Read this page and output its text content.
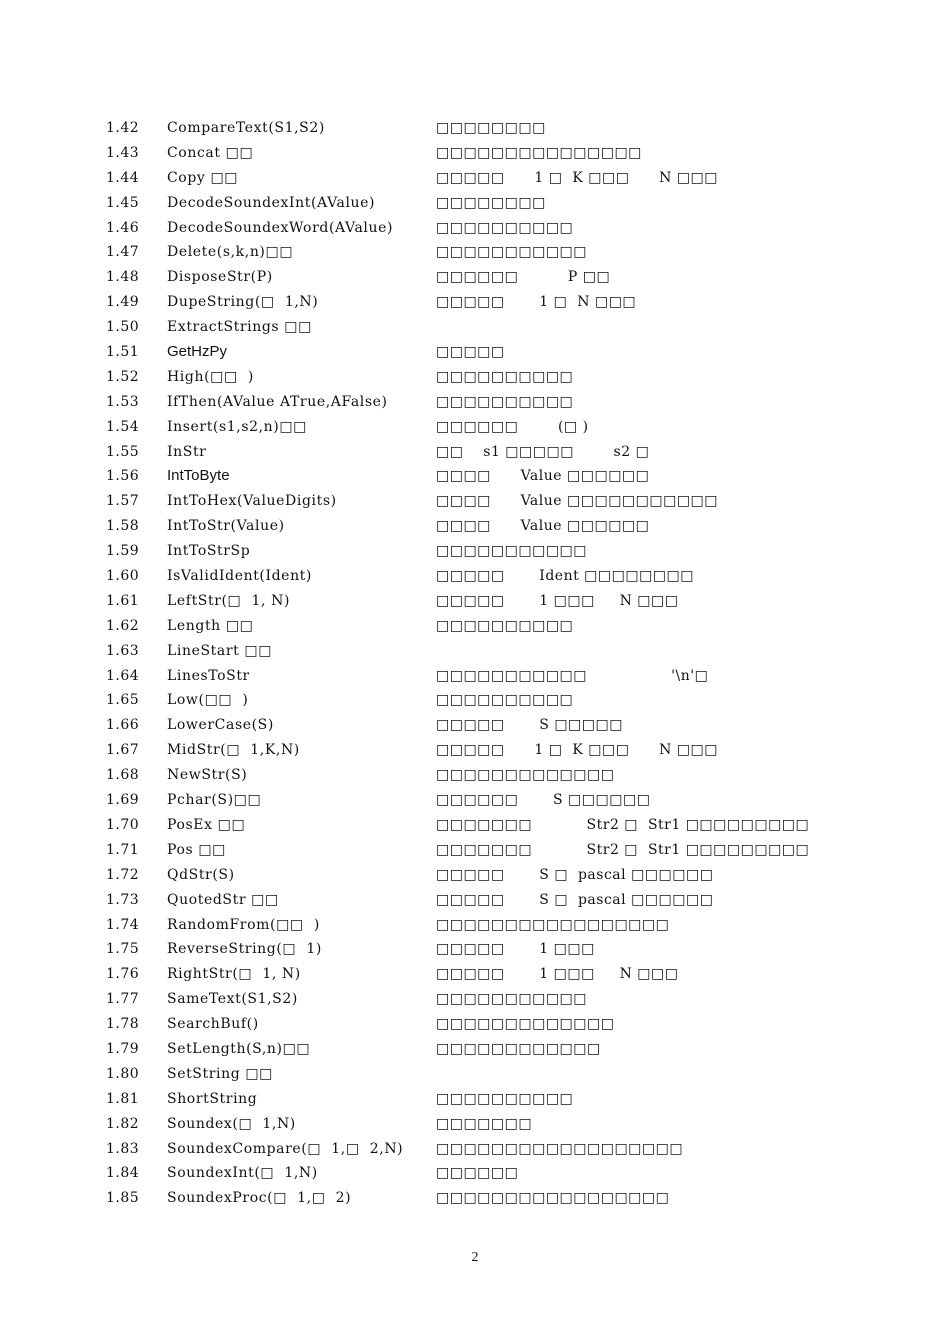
1.42 CompareText(S1,S2)	□□□□□□□□
1.43 Concat □□	□□□□□□□□□□□□□□□
1.44 Copy □□	□□□□□      1 □  K □□□      N □□□
1.45 DecodeSoundexInt(AValue)	□□□□□□□□
1.46 DecodeSoundexWord(AValue)	□□□□□□□□□□
1.47 Delete(s,k,n)□□	□□□□□□□□□□□
1.48 DisposeStr(P)	□□□□□□          P □□
1.49 DupeString(□  1,N)	□□□□□       1 □  N □□□
1.50 ExtractStrings □□
1.51 GetHzPy	□□□□□
1.52 High(□□  )	□□□□□□□□□□
1.53 IfThen(AValue ATrue,AFalse)	□□□□□□□□□□
1.54 Insert(s1,s2,n)□□	□□□□□□        (□ )
1.55 InStr	□□    s1 □□□□□        s2 □
1.56 IntToByte	□□□□      Value □□□□□□
1.57 IntToHex(ValueDigits)	□□□□      Value □□□□□□□□□□□
1.58 IntToStr(Value)	□□□□      Value □□□□□□
1.59 IntToStrSp	□□□□□□□□□□□
1.60 IsValidIdent(Ident)	□□□□□       Ident □□□□□□□□
1.61 LeftStr(□  1, N)	□□□□□       1 □□□     N □□□
1.62 Length □□	□□□□□□□□□□
1.63 LineStart □□
1.64 LinesToStr	□□□□□□□□□□□                 '\n'□
1.65 Low(□□  )	□□□□□□□□□□
1.66 LowerCase(S)	□□□□□       S □□□□□
1.67 MidStr(□  1,K,N)	□□□□□      1 □  K □□□      N □□□
1.68 NewStr(S)	□□□□□□□□□□□□□
1.69 Pchar(S)□□	□□□□□□       S □□□□□□
1.70 PosEx □□	□□□□□□□           Str2 □  Str1 □□□□□□□□□
1.71 Pos □□	□□□□□□□           Str2 □  Str1 □□□□□□□□□
1.72 QdStr(S)	□□□□□       S □  pascal □□□□□□
1.73 QuotedStr □□	□□□□□       S □  pascal □□□□□□
1.74 RandomFrom(□□  )	□□□□□□□□□□□□□□□□□
1.75 ReverseString(□  1)	□□□□□       1 □□□
1.76 RightStr(□  1, N)	□□□□□       1 □□□     N □□□
1.77 SameText(S1,S2)	□□□□□□□□□□□
1.78 SearchBuf()	□□□□□□□□□□□□□
1.79 SetLength(S,n)□□	□□□□□□□□□□□□
1.80 SetString □□
1.81 ShortString	□□□□□□□□□□
1.82 Soundex(□  1,N)	□□□□□□□
1.83 SoundexCompare(□  1,□  2,N) □□□□□□□□□□□□□□□□□□
1.84 SoundexInt(□  1,N)	□□□□□□
1.85 SoundexProc(□  1,□  2)	□□□□□□□□□□□□□□□□□
2
